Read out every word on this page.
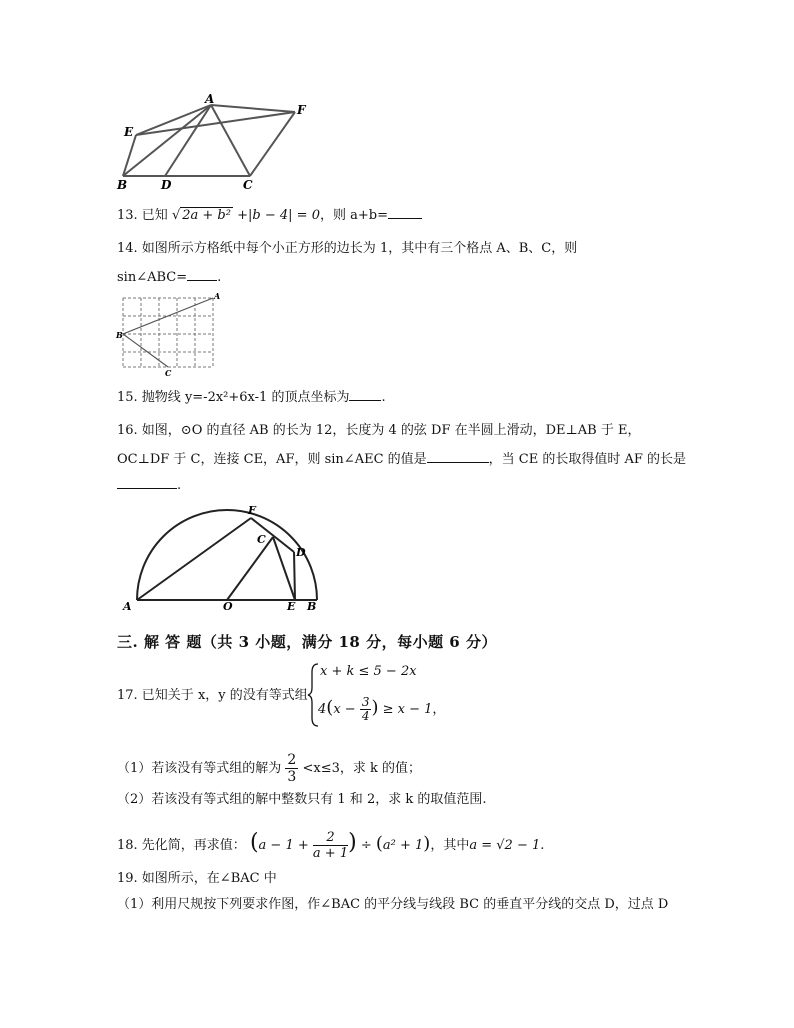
A
F
E
B	D	C
13. 已知 √ 2a + b² +|b − 4| = 0，则 a+b=
14. 如图所示方格纸中每个小正方形的边长为 1，其中有三个格点 A、B、C，则
sin∠ABC= .
A
B
C
15. 抛物线 y=-2x²+6x-1 的顶点坐标为 .
16. 如图，⊙O 的直径 AB 的长为 12，长度为 4 的弦 DF 在半圆上滑动，DE⊥AB 于 E，
OC⊥DF 于 C，连接 CE，AF，则 sin∠AEC 的值是	，当 CE 的长取得值时 AF 的长是
.
A	O	E B
C
D
F
三. 解 答 题（共 3 小题，满分 18 分，每小题 6 分）
17. 已知关于 x，y 的没有等式组
x + k ≤ 5 − 2x
$4(x - \frac{3}{4}$ ) ≥ x − 1，
（1）若该没有等式组的解为 $\frac{2}{3} <x\le 3$，求 k 的值；
（2）若该没有等式组的解中整数只有 1 和 2，求 k 的取值范围.
18. 先化简，再求值： ($a - 1 + \frac{2}{a + 1}$ ) ÷ (a² + 1)，其中a = √2 − 1.
19. 如图所示，在∠BAC 中
（1）利用尺规按下列要求作图，作∠BAC 的平分线与线段 BC 的垂直平分线的交点 D，过点 D
